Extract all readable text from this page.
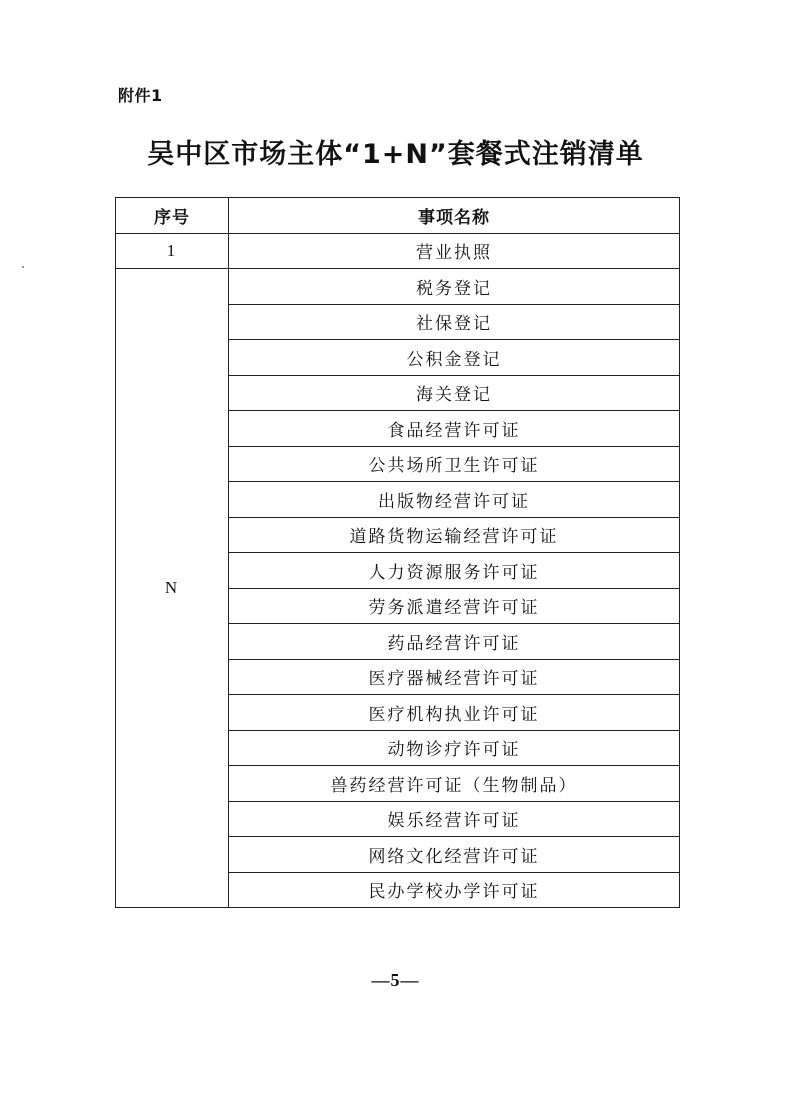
附件1
吴中区市场主体“1+N”套餐式注销清单
序号	事项名称
1	营业执照
N	税务登记
	社保登记
	公积金登记
	海关登记
	食品经营许可证
	公共场所卫生许可证
	出版物经营许可证
	道路货物运输经营许可证
	人力资源服务许可证
	劳务派遣经营许可证
	药品经营许可证
	医疗器械经营许可证
	医疗机构执业许可证
	动物诊疗许可证
	兽药经营许可证（生物制品）
	娱乐经营许可证
	网络文化经营许可证
	民办学校办学许可证
—5—
